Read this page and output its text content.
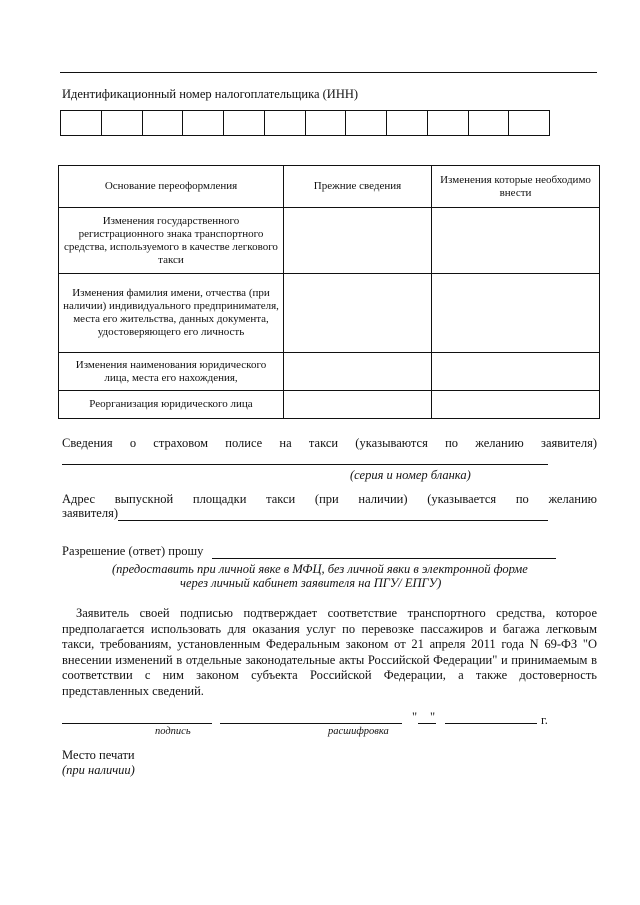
Идентификационный номер налогоплательщика (ИНН)
Основание переоформления	Прежние сведения	Изменения которые необходимо внести
Изменения государственного регистрационного знака транспортного средства, используемого в качестве легкового такси		
Изменения фамилия имени, отчества (при наличии) индивидуального предпринимателя, места его жительства, данных документа, удостоверяющего его личность		
Изменения наименования юридического лица, места его нахождения,		
Реорганизация юридического лица		
Сведения   о   страховом   полисе   на   такси   (указываются   по   желанию   заявителя)
(серия и номер бланка)
Адрес   выпускной   площадки   такси   (при   наличии)   (указывается   по   желанию
заявителя)
Разрешение (ответ) прошу
(предоставить при личной явке в МФЦ, без личной явки в электронной форме
через личный кабинет заявителя на ПГУ/ ЕПГУ)
Заявитель своей подписью подтверждает соответствие транспортного средства, которое предполагается использовать для оказания услуг по перевозке пассажиров и багажа легковым такси, требованиям, установленным Федеральным законом от 21 апреля 2011 года N 69-ФЗ "О внесении изменений в отдельные законодательные акты Российской Федерации" и принимаемым в соответствии с ним законом субъекта Российской Федерации, а также достоверность представленных сведений.
подпись	расшифровка
" "	г.
Место печати
(при наличии)
